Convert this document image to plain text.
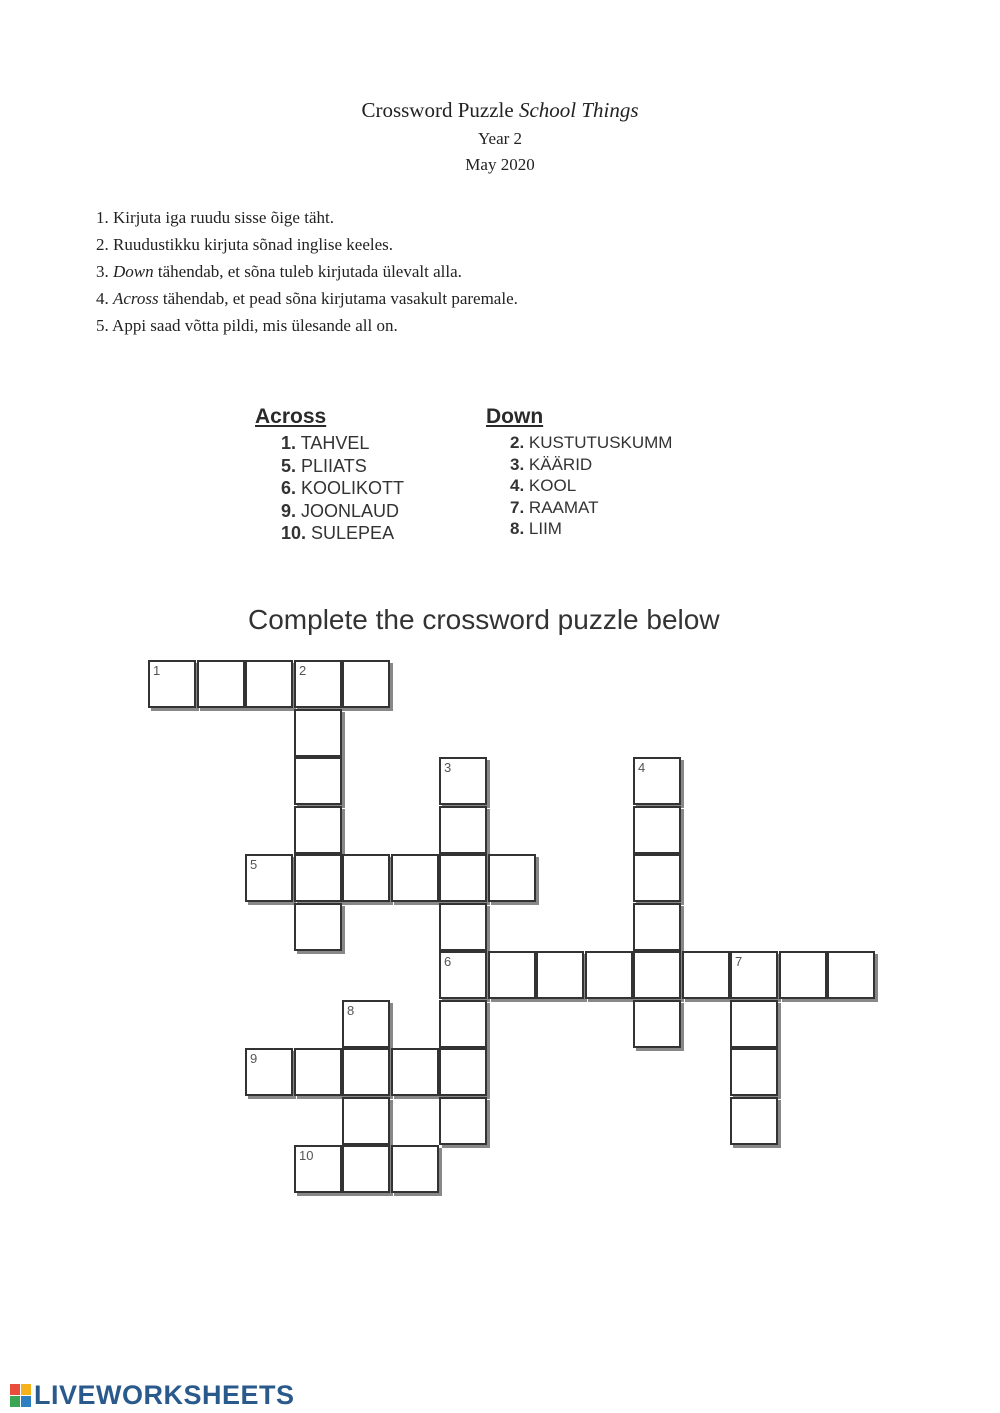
Crossword Puzzle School Things
Year 2
May 2020
1. Kirjuta iga ruudu sisse õige täht.
2. Ruudustikku kirjuta sõnad inglise keeles.
3. Down tähendab, et sõna tuleb kirjutada ülevalt alla.
4. Across tähendab, et pead sõna kirjutama vasakult paremale.
5. Appi saad võtta pildi, mis ülesande all on.
Across
1. TAHVEL
5. PLIIATS
6. KOOLIKOTT
9. JOONLAUD
10. SULEPEA
Down
2. KUSTUTUSKUMM
3. KÄÄRID
4. KOOL
7. RAAMAT
8. LIIM
Complete the crossword puzzle below
1	2
3	4
5
6	7
8
9
10
LIVEWORKSHEETS
